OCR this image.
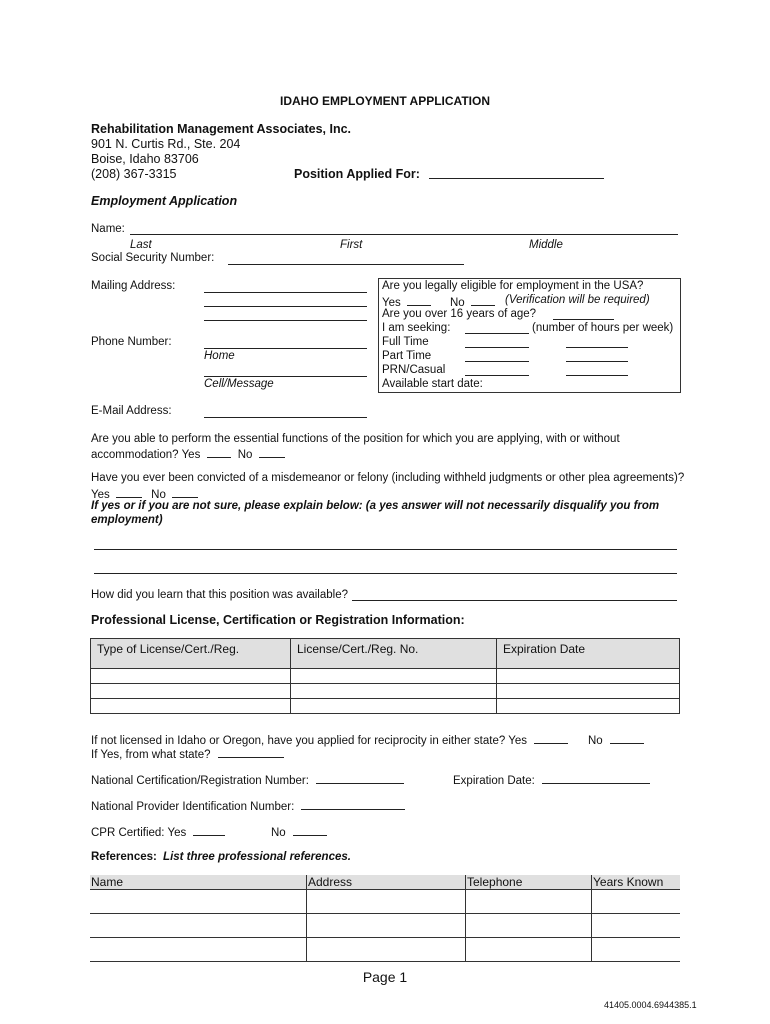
IDAHO EMPLOYMENT APPLICATION
Rehabilitation Management Associates, Inc.
901 N. Curtis Rd., Ste. 204
Boise, Idaho 83706
(208) 367-3315	Position Applied For:
Employment Application
Name:
Last	First	Middle
Social Security Number:
Mailing Address:
Phone Number:
Home
Cell/Message
Are you legally eligible for employment in the USA?
Yes	No	(Verification will be required)
Are you over 16 years of age?
I am seeking:	(number of hours per week)
Full Time
Part Time
PRN/Casual
Available start date:
E-Mail Address:
Are you able to perform the essential functions of the position for which you are applying, with or without
accommodation? Yes	No
Have you ever been convicted of a misdemeanor or felony (including withheld judgments or other plea agreements)?
Yes	No
If yes or if you are not sure, please explain below: (a yes answer will not necessarily disqualify you from
employment)
How did you learn that this position was available?
Professional License, Certification or Registration Information:
Type of License/Cert./Reg.	License/Cert./Reg. No.	Expiration Date

If not licensed in Idaho or Oregon, have you applied for reciprocity in either state? Yes	No
If Yes, from what state?
National Certification/Registration Number:	Expiration Date:
National Provider Identification Number:
CPR Certified: Yes	No
References: List three professional references.
Name	Address	Telephone	Years Known

Page 1
41405.0004.6944385.1
